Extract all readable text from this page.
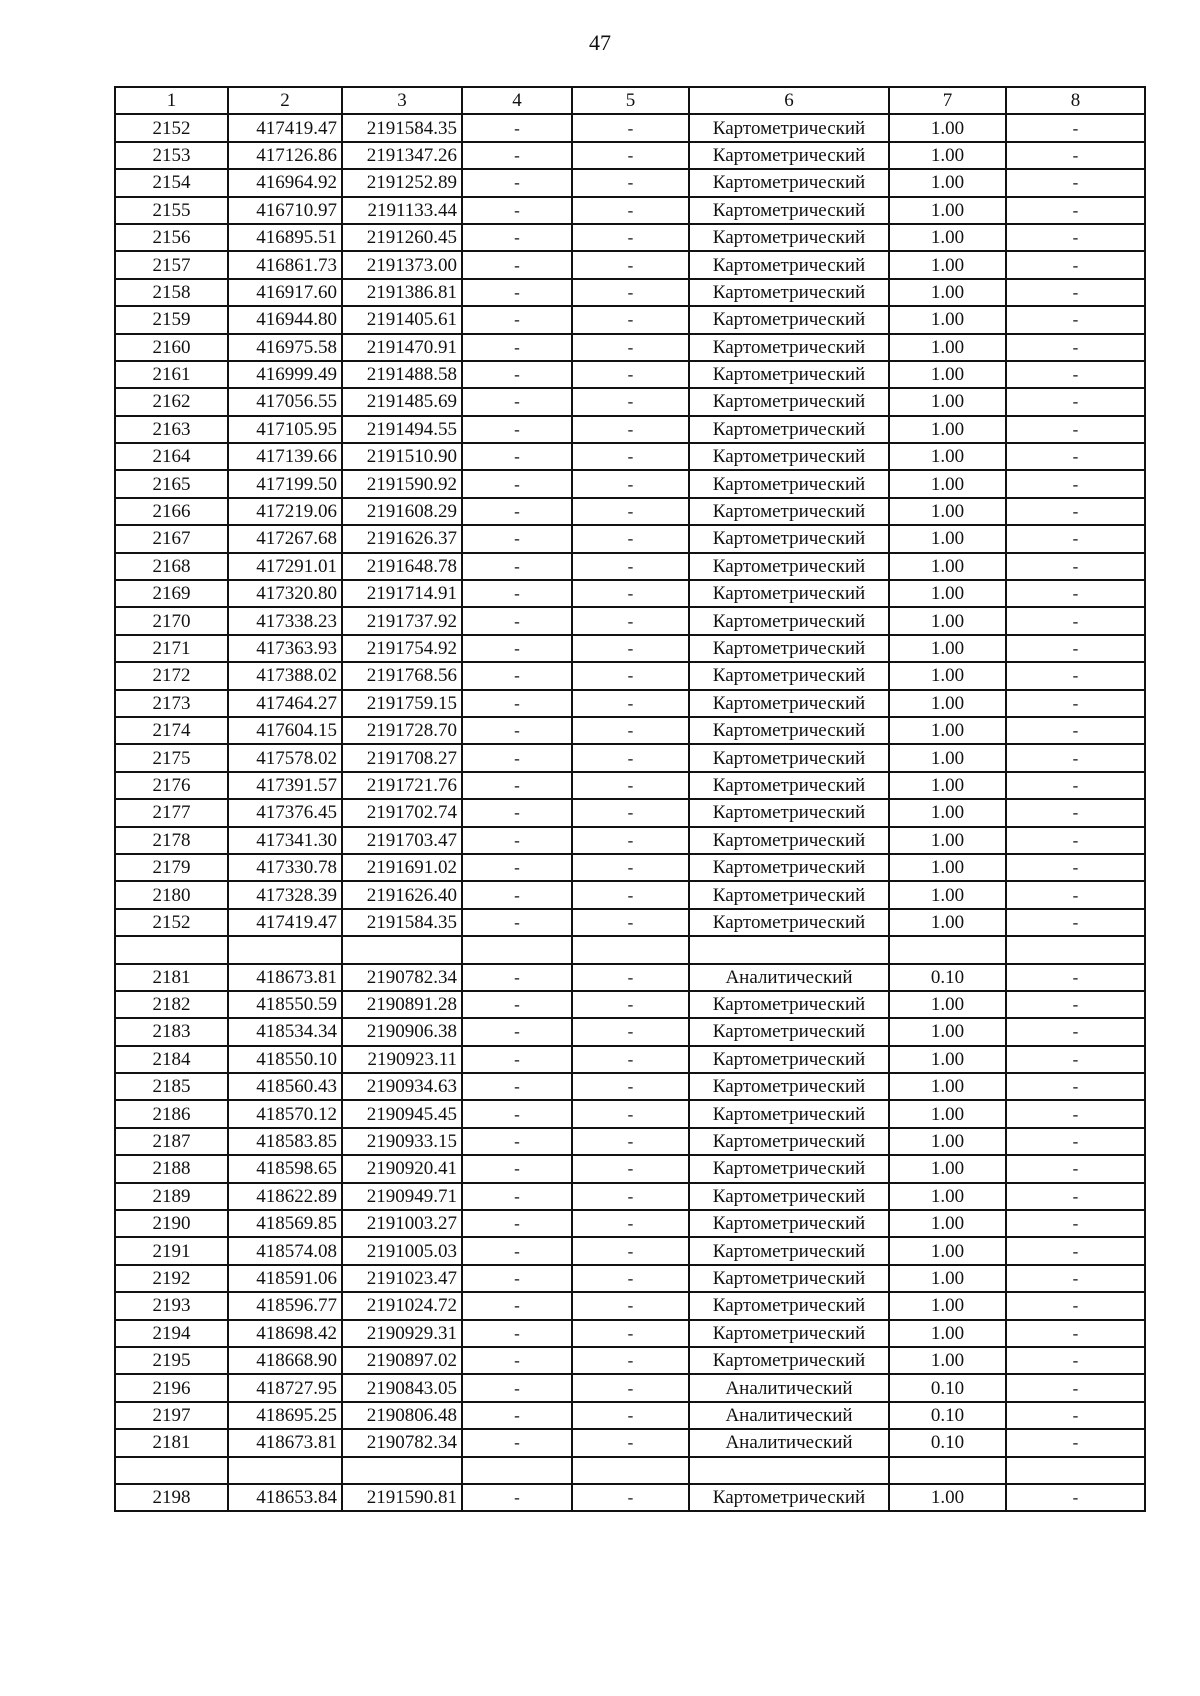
47
1	2	3	4	5	6	7	8
2152	417419.47	2191584.35	-	-	Картометрический	1.00	-
2153	417126.86	2191347.26	-	-	Картометрический	1.00	-
2154	416964.92	2191252.89	-	-	Картометрический	1.00	-
2155	416710.97	2191133.44	-	-	Картометрический	1.00	-
2156	416895.51	2191260.45	-	-	Картометрический	1.00	-
2157	416861.73	2191373.00	-	-	Картометрический	1.00	-
2158	416917.60	2191386.81	-	-	Картометрический	1.00	-
2159	416944.80	2191405.61	-	-	Картометрический	1.00	-
2160	416975.58	2191470.91	-	-	Картометрический	1.00	-
2161	416999.49	2191488.58	-	-	Картометрический	1.00	-
2162	417056.55	2191485.69	-	-	Картометрический	1.00	-
2163	417105.95	2191494.55	-	-	Картометрический	1.00	-
2164	417139.66	2191510.90	-	-	Картометрический	1.00	-
2165	417199.50	2191590.92	-	-	Картометрический	1.00	-
2166	417219.06	2191608.29	-	-	Картометрический	1.00	-
2167	417267.68	2191626.37	-	-	Картометрический	1.00	-
2168	417291.01	2191648.78	-	-	Картометрический	1.00	-
2169	417320.80	2191714.91	-	-	Картометрический	1.00	-
2170	417338.23	2191737.92	-	-	Картометрический	1.00	-
2171	417363.93	2191754.92	-	-	Картометрический	1.00	-
2172	417388.02	2191768.56	-	-	Картометрический	1.00	-
2173	417464.27	2191759.15	-	-	Картометрический	1.00	-
2174	417604.15	2191728.70	-	-	Картометрический	1.00	-
2175	417578.02	2191708.27	-	-	Картометрический	1.00	-
2176	417391.57	2191721.76	-	-	Картометрический	1.00	-
2177	417376.45	2191702.74	-	-	Картометрический	1.00	-
2178	417341.30	2191703.47	-	-	Картометрический	1.00	-
2179	417330.78	2191691.02	-	-	Картометрический	1.00	-
2180	417328.39	2191626.40	-	-	Картометрический	1.00	-
2152	417419.47	2191584.35	-	-	Картометрический	1.00	-

2181	418673.81	2190782.34	-	-	Аналитический	0.10	-
2182	418550.59	2190891.28	-	-	Картометрический	1.00	-
2183	418534.34	2190906.38	-	-	Картометрический	1.00	-
2184	418550.10	2190923.11	-	-	Картометрический	1.00	-
2185	418560.43	2190934.63	-	-	Картометрический	1.00	-
2186	418570.12	2190945.45	-	-	Картометрический	1.00	-
2187	418583.85	2190933.15	-	-	Картометрический	1.00	-
2188	418598.65	2190920.41	-	-	Картометрический	1.00	-
2189	418622.89	2190949.71	-	-	Картометрический	1.00	-
2190	418569.85	2191003.27	-	-	Картометрический	1.00	-
2191	418574.08	2191005.03	-	-	Картометрический	1.00	-
2192	418591.06	2191023.47	-	-	Картометрический	1.00	-
2193	418596.77	2191024.72	-	-	Картометрический	1.00	-
2194	418698.42	2190929.31	-	-	Картометрический	1.00	-
2195	418668.90	2190897.02	-	-	Картометрический	1.00	-
2196	418727.95	2190843.05	-	-	Аналитический	0.10	-
2197	418695.25	2190806.48	-	-	Аналитический	0.10	-
2181	418673.81	2190782.34	-	-	Аналитический	0.10	-

2198	418653.84	2191590.81	-	-	Картометрический	1.00	-
